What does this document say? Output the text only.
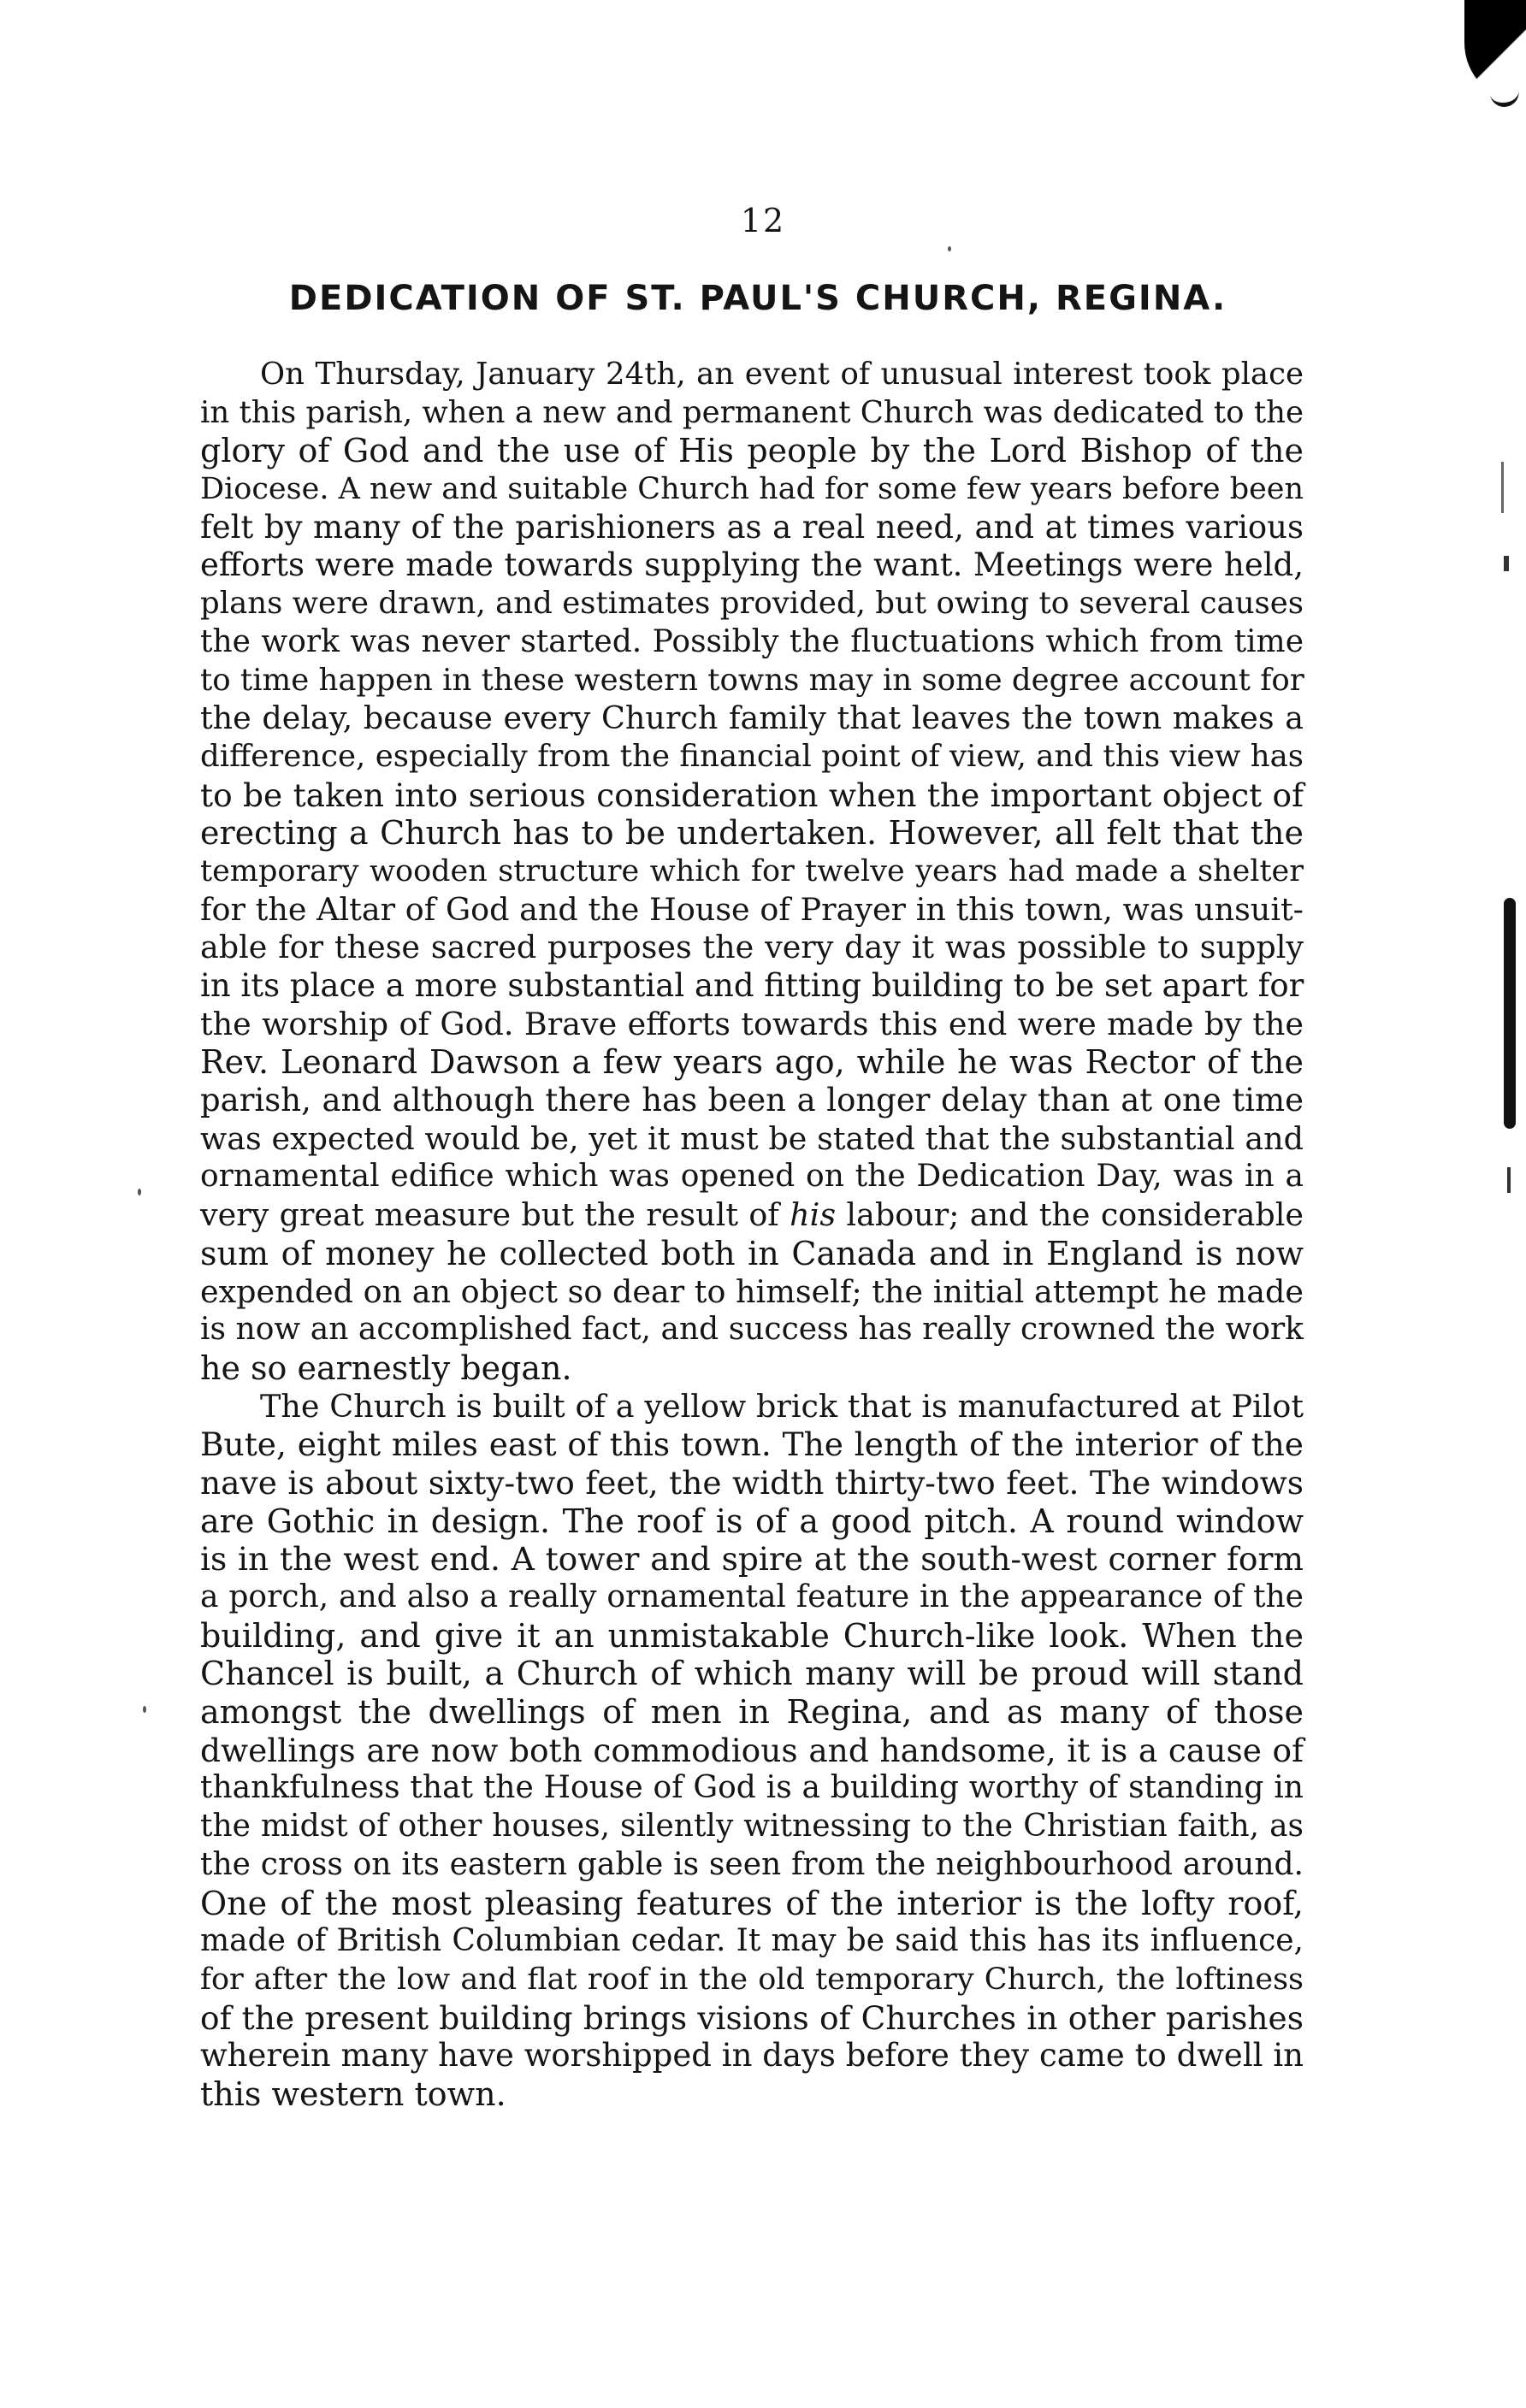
12
DEDICATION OF ST. PAUL'S CHURCH, REGINA.
On Thursday, January 24th, an event of unusual interest took place
in this parish, when a new and permanent Church was dedicated to the
glory of God and the use of His people by the Lord Bishop of the
Diocese. A new and suitable Church had for some few years before been
felt by many of the parishioners as a real need, and at times various
efforts were made towards supplying the want. Meetings were held,
plans were drawn, and estimates provided, but owing to several causes
the work was never started. Possibly the fluctuations which from time
to time happen in these western towns may in some degree account for
the delay, because every Church family that leaves the town makes a
difference, especially from the financial point of view, and this view has
to be taken into serious consideration when the important object of
erecting a Church has to be undertaken. However, all felt that the
temporary wooden structure which for twelve years had made a shelter
for the Altar of God and the House of Prayer in this town, was unsuit-
able for these sacred purposes the very day it was possible to supply
in its place a more substantial and fitting building to be set apart for
the worship of God. Brave efforts towards this end were made by the
Rev. Leonard Dawson a few years ago, while he was Rector of the
parish, and although there has been a longer delay than at one time
was expected would be, yet it must be stated that the substantial and
ornamental edifice which was opened on the Dedication Day, was in a
very great measure but the result of his labour; and the considerable
sum of money he collected both in Canada and in England is now
expended on an object so dear to himself; the initial attempt he made
is now an accomplished fact, and success has really crowned the work
he so earnestly began.
The Church is built of a yellow brick that is manufactured at Pilot
Bute, eight miles east of this town. The length of the interior of the
nave is about sixty-two feet, the width thirty-two feet. The windows
are Gothic in design. The roof is of a good pitch. A round window
is in the west end. A tower and spire at the south-west corner form
a porch, and also a really ornamental feature in the appearance of the
building, and give it an unmistakable Church-like look. When the
Chancel is built, a Church of which many will be proud will stand
amongst the dwellings of men in Regina, and as many of those
dwellings are now both commodious and handsome, it is a cause of
thankfulness that the House of God is a building worthy of standing in
the midst of other houses, silently witnessing to the Christian faith, as
the cross on its eastern gable is seen from the neighbourhood around.
One of the most pleasing features of the interior is the lofty roof,
made of British Columbian cedar. It may be said this has its influence,
for after the low and flat roof in the old temporary Church, the loftiness
of the present building brings visions of Churches in other parishes
wherein many have worshipped in days before they came to dwell in
this western town.
